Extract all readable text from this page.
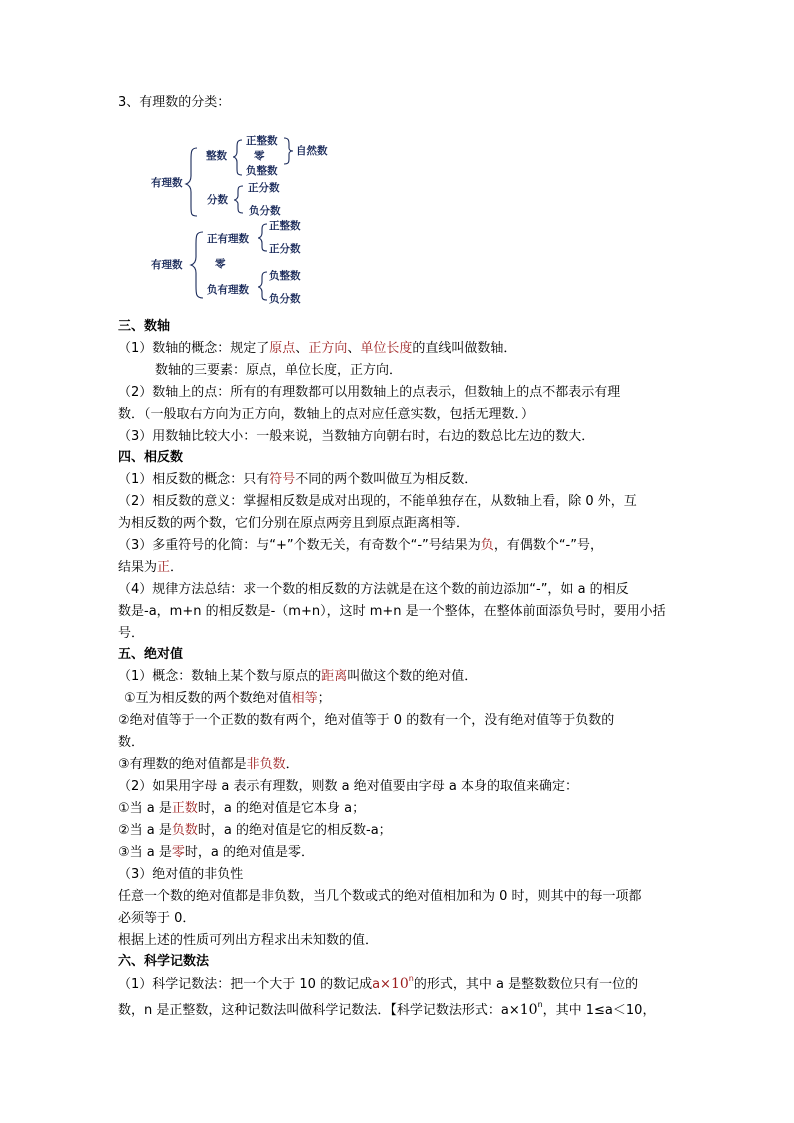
3、有理数的分类：
有理数
整数
正整数
零
负整数
自然数
分数
正分数
负分数
有理数
正有理数
正整数
正分数
零
负有理数
负整数
负分数
三、数轴
（1）数轴的概念：规定了原点、正方向、单位长度的直线叫做数轴．
数轴的三要素：原点，单位长度，正方向．
（2）数轴上的点：所有的有理数都可以用数轴上的点表示，但数轴上的点不都表示有理
数．（一般取右方向为正方向，数轴上的点对应任意实数，包括无理数．）
（3）用数轴比较大小：一般来说，当数轴方向朝右时，右边的数总比左边的数大．
四、相反数
（1）相反数的概念：只有符号不同的两个数叫做互为相反数．
（2）相反数的意义：掌握相反数是成对出现的，不能单独存在，从数轴上看，除 0 外，互
为相反数的两个数，它们分别在原点两旁且到原点距离相等．
（3）多重符号的化简：与“+”个数无关，有奇数个“-”号结果为负，有偶数个“-”号，
结果为正．
（4）规律方法总结：求一个数的相反数的方法就是在这个数的前边添加“-”，如 a 的相反
数是-a，m+n 的相反数是-（m+n），这时 m+n 是一个整体，在整体前面添负号时，要用小括
号．
五、绝对值
（1）概念：数轴上某个数与原点的距离叫做这个数的绝对值．
①互为相反数的两个数绝对值相等；
②绝对值等于一个正数的数有两个，绝对值等于 0 的数有一个，没有绝对值等于负数的
数．
③有理数的绝对值都是非负数．
（2）如果用字母 a 表示有理数，则数 a 绝对值要由字母 a 本身的取值来确定：
①当 a 是正数时，a 的绝对值是它本身 a；
②当 a 是负数时，a 的绝对值是它的相反数-a；
③当 a 是零时，a 的绝对值是零．
（3）绝对值的非负性
任意一个数的绝对值都是非负数，当几个数或式的绝对值相加和为 0 时，则其中的每一项都
必须等于 0．
根据上述的性质可列出方程求出未知数的值．
六、科学记数法
（1）科学记数法：把一个大于 10 的数记成$a\times 10^n$的形式，其中 a 是整数数位只有一位的
数，n 是正整数，这种记数法叫做科学记数法．【科学记数法形式：$a\times 10^n$，其中 1≤a＜10，
